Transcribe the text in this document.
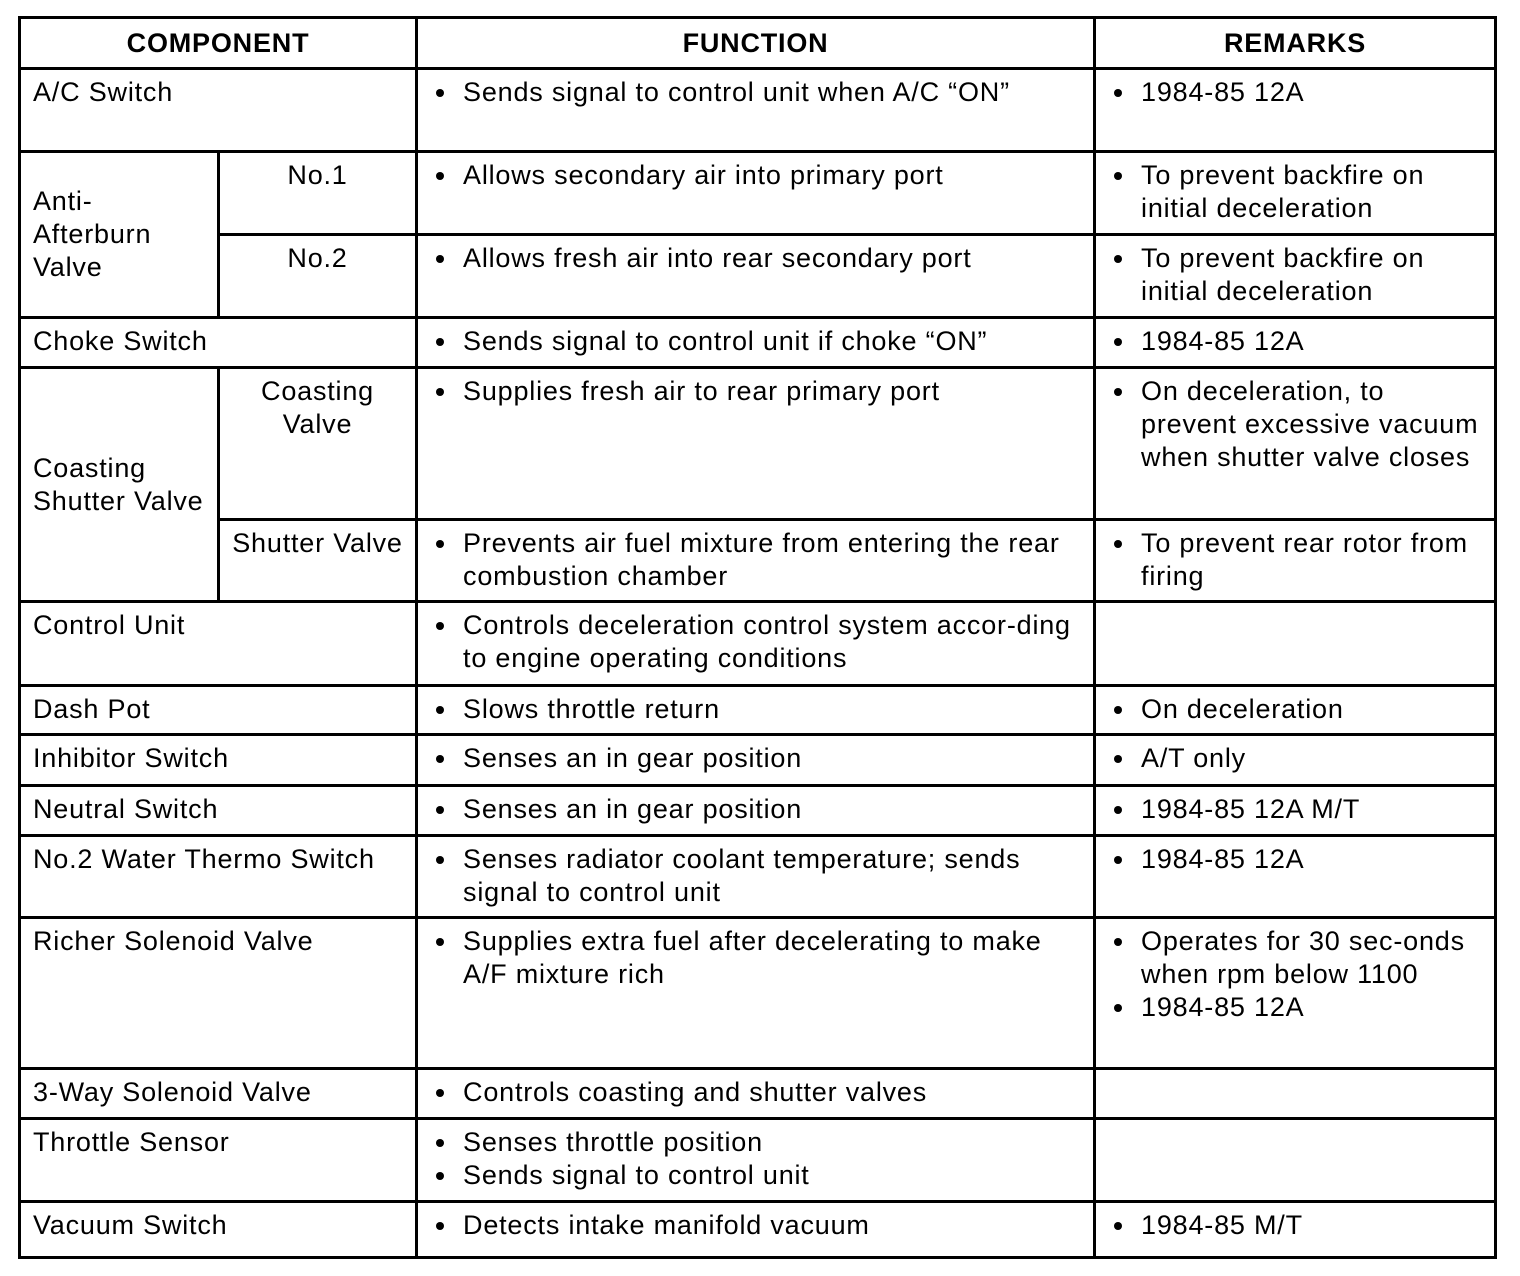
COMPONENT		FUNCTION	REMARKS
A/C Switch		Sends signal to control unit when A/C “ON”	1984-85 12A

Anti-Afterburn Valve	No.1	Allows secondary air into primary port	To prevent backfire on initial deceleration

	No.2	Allows fresh air into rear secondary port	To prevent backfire on initial deceleration

Choke Switch		Sends signal to control unit if choke “ON”	1984-85 12A

Coasting Shutter Valve	Coasting Valve	Supplies fresh air to rear primary port	On deceleration, to prevent excessive vacuum when shutter valve closes

	Shutter Valve	Prevents air fuel mixture from entering the rear combustion chamber	To prevent rear rotor from firing

Control Unit		Controls deceleration control system accor-ding to engine operating conditions	

Dash Pot		Slows throttle return	On deceleration

Inhibitor Switch		Senses an in gear position	A/T only

Neutral Switch		Senses an in gear position	1984-85 12A M/T

No.2 Water Thermo Switch		Senses radiator coolant temperature; sends signal to control unit	1984-85 12A

Richer Solenoid Valve		Supplies extra fuel after decelerating to make A/F mixture rich	Operates for 30 sec-onds when rpm below 1100
1984-85 12A

3-Way Solenoid Valve		Controls coasting and shutter valves	

Throttle Sensor		Senses throttle position
Sends signal to control unit	

Vacuum Switch		Detects intake manifold vacuum	1984-85 M/T
